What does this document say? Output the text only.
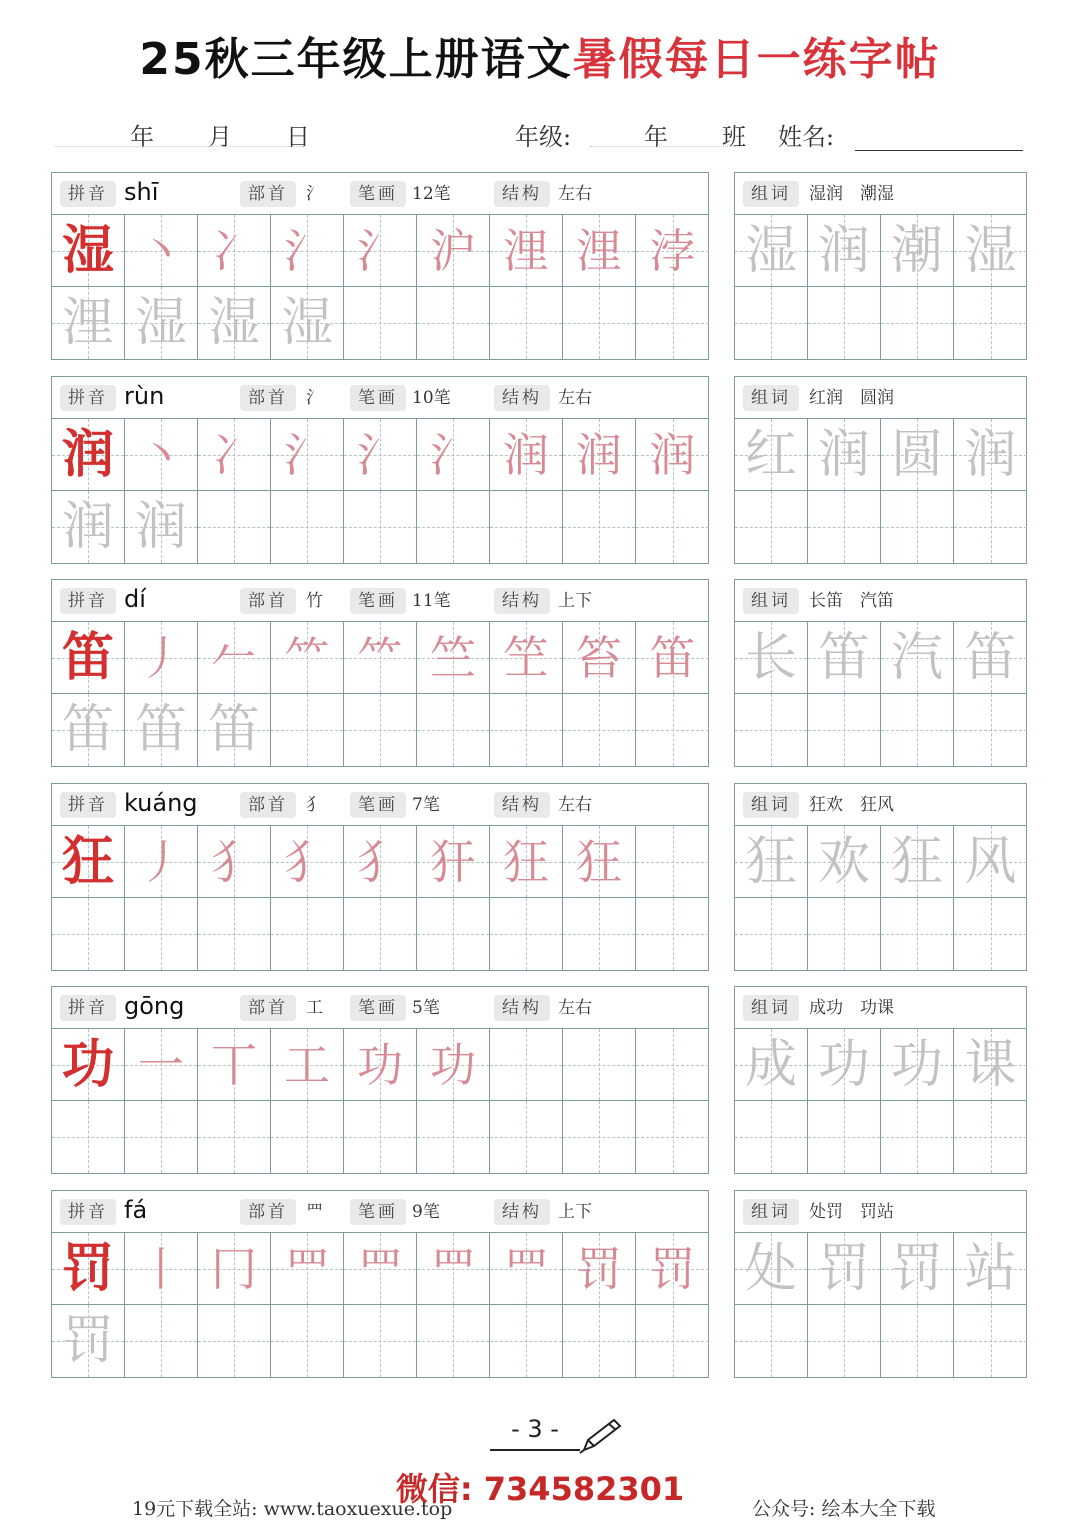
25秋三年级上册语文暑假每日一练字帖
年 月 日	年级:	年 班 姓名:
拼音 shī	部首	氵	笔画 12笔	结构 左右
湿 丶 冫 氵 氵 沪 浬 浬 浡
浬 湿 湿 湿
组词	湿润　潮湿
湿 润 潮 湿
拼音 rùn	部首	氵	笔画 10笔	结构 左右
润 丶 冫 氵 氵 氵 润 润 润
润 润
组词	红润　圆润
红 润 圆 润
拼音 dí	部首	竹	笔画 11笔	结构 上下
笛 丿 𠂉 ⺮ ⺮ 竺 笁 笞 笛
笛 笛 笛
组词	长笛　汽笛
长 笛 汽 笛
拼音 kuáng	部首	犭	笔画 7笔	结构 左右
狂 丿 犭 犭 犭 犴 狂 狂
组词	狂欢　狂风
狂 欢 狂 风
拼音 gōng	部首	工	笔画 5笔	结构 左右
功 一 丅 工 功 功
组词	成功　功课
成 功 功 课
拼音 fá	部首	罒	笔画 9笔	结构 上下
罚 丨 冂 罒 罒 罒 罒 罚 罚
罚
组词	处罚　罚站
处 罚 罚 站
- 3 -
微信: 734582301
19元下载全站: www.taoxuexue.top	公众号: 绘本大全下载
